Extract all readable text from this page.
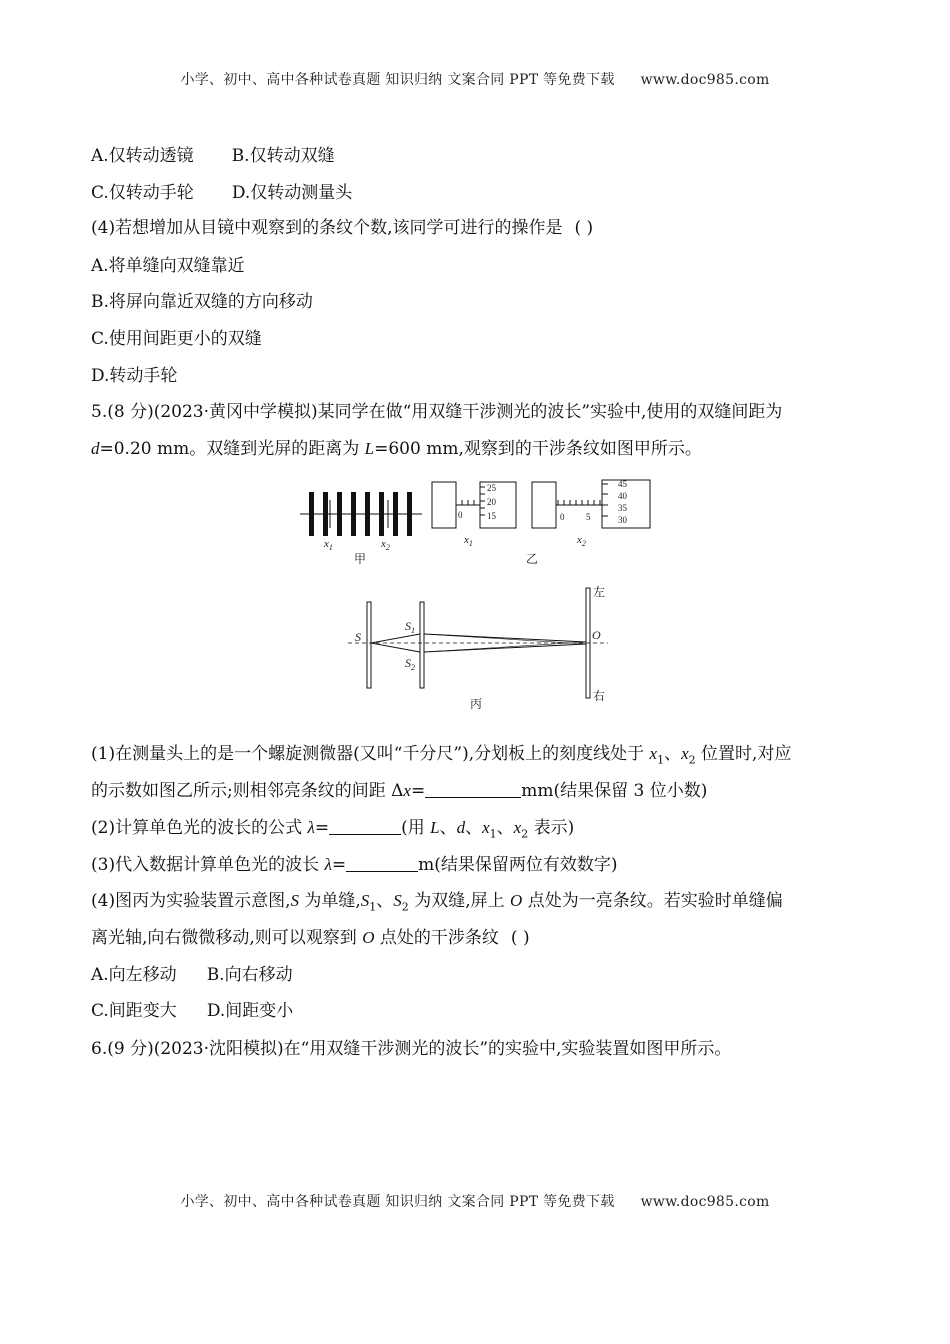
小学、初中、高中各种试卷真题 知识归纳 文案合同 PPT 等免费下载 www.doc985.com
A.仅转动透镜 B.仅转动双缝
C.仅转动手轮 D.仅转动测量头
(4)若想增加从目镜中观察到的条纹个数,该同学可进行的操作是 ( )
A.将单缝向双缝靠近
B.将屏向靠近双缝的方向移动
C.使用间距更小的双缝
D.转动手轮
5.(8 分)(2023·黄冈中学模拟)某同学在做“用双缝干涉测光的波长”实验中,使用的双缝间距为
d=0.20 mm。双缝到光屏的距离为 L=600 mm,观察到的干涉条纹如图甲所示。
$x_1$	$x_2$
甲
25
20
15
0
$x_1$
45
40
35
30
0 5
$x_2$
乙
S
$S_1$
$S_2$
O
左
右
丙
(1)在测量头上的是一个螺旋测微器(又叫“千分尺”),分划板上的刻度线处于 $x_1$、$x_2$ 位置时,对应
的示数如图乙所示;则相邻亮条纹的间距 Δx=	mm(结果保留 3 位小数)
(2)计算单色光的波长的公式 λ=	(用 L、d、$x_1$、$x_2$ 表示)
(3)代入数据计算单色光的波长 λ=	m(结果保留两位有效数字)
(4)图丙为实验装置示意图,S 为单缝$,S_1$、$S_2$ 为双缝,屏上 O 点处为一亮条纹。若实验时单缝偏
离光轴,向右微微移动,则可以观察到 O 点处的干涉条纹 ( )
A.向左移动 B.向右移动
C.间距变大 D.间距变小
6.(9 分)(2023·沈阳模拟)在“用双缝干涉测光的波长”的实验中,实验装置如图甲所示。
小学、初中、高中各种试卷真题 知识归纳 文案合同 PPT 等免费下载 www.doc985.com
